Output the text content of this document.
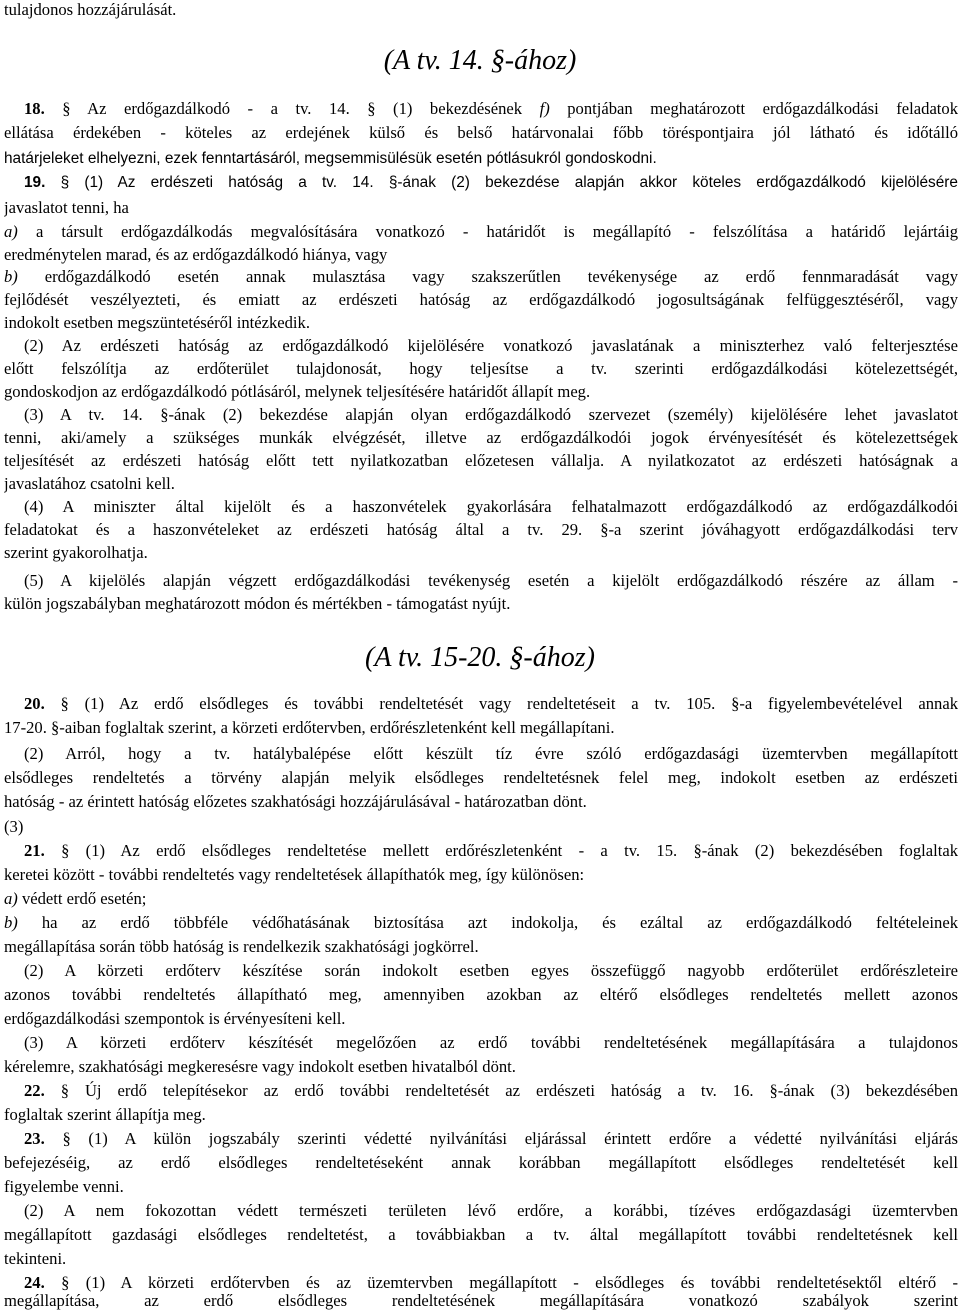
tulajdonos hozzájárulását.
(A tv. 14. §-ához)
18. § Az erdőgazdálkodó - a tv. 14. § (1) bekezdésének f) pontjában meghatározott erdőgazdálkodási feladatok
ellátása érdekében - köteles az erdejének külső és belső határvonalai főbb töréspontjaira jól látható és időtálló
határjeleket elhelyezni, ezek fenntartásáról, megsemmisülésük esetén pótlásukról gondoskodni.
19. § (1) Az erdészeti hatóság a tv. 14. §-ának (2) bekezdése alapján akkor köteles erdőgazdálkodó kijelölésére
javaslatot tenni, ha
a) a társult erdőgazdálkodás megvalósítására vonatkozó - határidőt is megállapító - felszólítása a határidő lejártáig
eredménytelen marad, és az erdőgazdálkodó hiánya, vagy
b) erdőgazdálkodó esetén annak mulasztása vagy szakszerűtlen tevékenysége az erdő fennmaradását vagy
fejlődését veszélyezteti, és emiatt az erdészeti hatóság az erdőgazdálkodó jogosultságának felfüggesztéséről, vagy
indokolt esetben megszüntetéséről intézkedik.
(2) Az erdészeti hatóság az erdőgazdálkodó kijelölésére vonatkozó javaslatának a miniszterhez való felterjesztése
előtt felszólítja az erdőterület tulajdonosát, hogy teljesítse a tv. szerinti erdőgazdálkodási kötelezettségét,
gondoskodjon az erdőgazdálkodó pótlásáról, melynek teljesítésére határidőt állapít meg.
(3) A tv. 14. §-ának (2) bekezdése alapján olyan erdőgazdálkodó szervezet (személy) kijelölésére lehet javaslatot
tenni, aki/amely a szükséges munkák elvégzését, illetve az erdőgazdálkodói jogok érvényesítését és kötelezettségek
teljesítését az erdészeti hatóság előtt tett nyilatkozatban előzetesen vállalja. A nyilatkozatot az erdészeti hatóságnak a
javaslatához csatolni kell.
(4) A miniszter által kijelölt és a haszonvételek gyakorlására felhatalmazott erdőgazdálkodó az erdőgazdálkodói
feladatokat és a haszonvételeket az erdészeti hatóság által a tv. 29. §-a szerint jóváhagyott erdőgazdálkodási terv
szerint gyakorolhatja.
(5) A kijelölés alapján végzett erdőgazdálkodási tevékenység esetén a kijelölt erdőgazdálkodó részére az állam -
külön jogszabályban meghatározott módon és mértékben - támogatást nyújt.
(A tv. 15-20. §-ához)
20. § (1) Az erdő elsődleges és további rendeltetését vagy rendeltetéseit a tv. 105. §-a figyelembevételével annak
17-20. §-aiban foglaltak szerint, a körzeti erdőtervben, erdőrészletenként kell megállapítani.
(2) Arról, hogy a tv. hatálybalépése előtt készült tíz évre szóló erdőgazdasági üzemtervben megállapított
elsődleges rendeltetés a törvény alapján melyik elsődleges rendeltetésnek felel meg, indokolt esetben az erdészeti
hatóság - az érintett hatóság előzetes szakhatósági hozzájárulásával - határozatban dönt.
(3)
21. § (1) Az erdő elsődleges rendeltetése mellett erdőrészletenként - a tv. 15. §-ának (2) bekezdésében foglaltak
keretei között - további rendeltetés vagy rendeltetések állapíthatók meg, így különösen:
a) védett erdő esetén;
b) ha az erdő többféle védőhatásának biztosítása azt indokolja, és ezáltal az erdőgazdálkodó feltételeinek
megállapítása során több hatóság is rendelkezik szakhatósági jogkörrel.
(2) A körzeti erdőterv készítése során indokolt esetben egyes összefüggő nagyobb erdőterület erdőrészleteire
azonos további rendeltetés állapítható meg, amennyiben azokban az eltérő elsődleges rendeltetés mellett azonos
erdőgazdálkodási szempontok is érvényesíteni kell.
(3) A körzeti erdőterv készítését megelőzően az erdő további rendeltetésének megállapítására a tulajdonos
kérelemre, szakhatósági megkeresésre vagy indokolt esetben hivatalból dönt.
22. § Új erdő telepítésekor az erdő további rendeltetését az erdészeti hatóság a tv. 16. §-ának (3) bekezdésében
foglaltak szerint állapítja meg.
23. § (1) A külön jogszabály szerinti védetté nyilvánítási eljárással érintett erdőre a védetté nyilvánítási eljárás
befejezéséig, az erdő elsődleges rendeltetéseként annak korábban megállapított elsődleges rendeltetését kell
figyelembe venni.
(2) A nem fokozottan védett természeti területen lévő erdőre, a korábbi, tízéves erdőgazdasági üzemtervben
megállapított gazdasági elsődleges rendeltetést, a továbbiakban a tv. által megállapított további rendeltetésnek kell
tekinteni.
24. § (1) A körzeti erdőtervben és az üzemtervben megállapított - elsődleges és további rendeltetésektől eltérő -
megállapítása, az erdő elsődleges rendeltetésének megállapítására vonatkozó szabályok szerint
